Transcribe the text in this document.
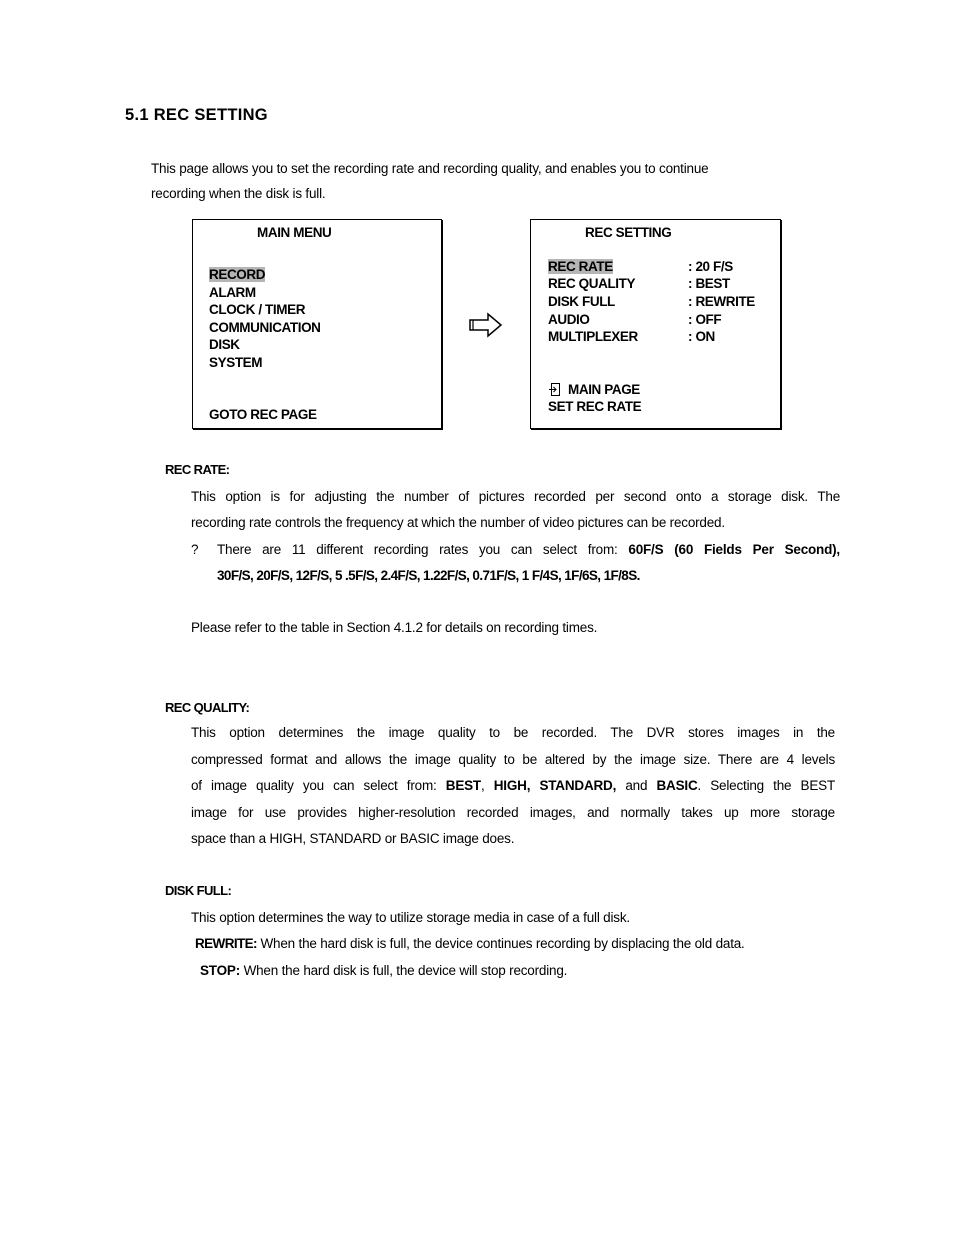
5.1 REC SETTING
This page allows you to set the recording rate and recording quality, and enables you to continue
recording when the disk is full.
MAIN MENU
RECORD
ALARM
CLOCK / TIMER
COMMUNICATION
DISK
SYSTEM
GOTO REC PAGE
REC SETTING
REC RATE	: 20 F/S
REC QUALITY	: BEST
DISK FULL	: REWRITE
AUDIO	: OFF
MULTIPLEXER	: ON
MAIN PAGE
SET REC RATE
REC RATE:
This option is for adjusting the number of pictures recorded per second onto a storage disk. The
recording rate controls the frequency at which the number of video pictures can be recorded.
? There are 11 different recording rates you can select from: 60F/S (60 Fields Per Second),
30F/S, 20F/S, 12F/S, 5 .5F/S, 2.4F/S, 1.22F/S, 0.71F/S, 1 F/4S, 1F/6S, 1F/8S.
Please refer to the table in Section 4.1.2 for details on recording times.
REC QUALITY:
This option determines the image quality to be recorded. The DVR stores images in the
compressed format and allows the image quality to be altered by the image size. There are 4 levels
of image quality you can select from: BEST, HIGH, STANDARD, and BASIC. Selecting the BEST
image for use provides higher-resolution recorded images, and normally takes up more storage
space than a HIGH, STANDARD or BASIC image does.
DISK FULL:
This option determines the way to utilize storage media in case of a full disk.
REWRITE: When the hard disk is full, the device continues recording by displacing the old data.
STOP: When the hard disk is full, the device will stop recording.
